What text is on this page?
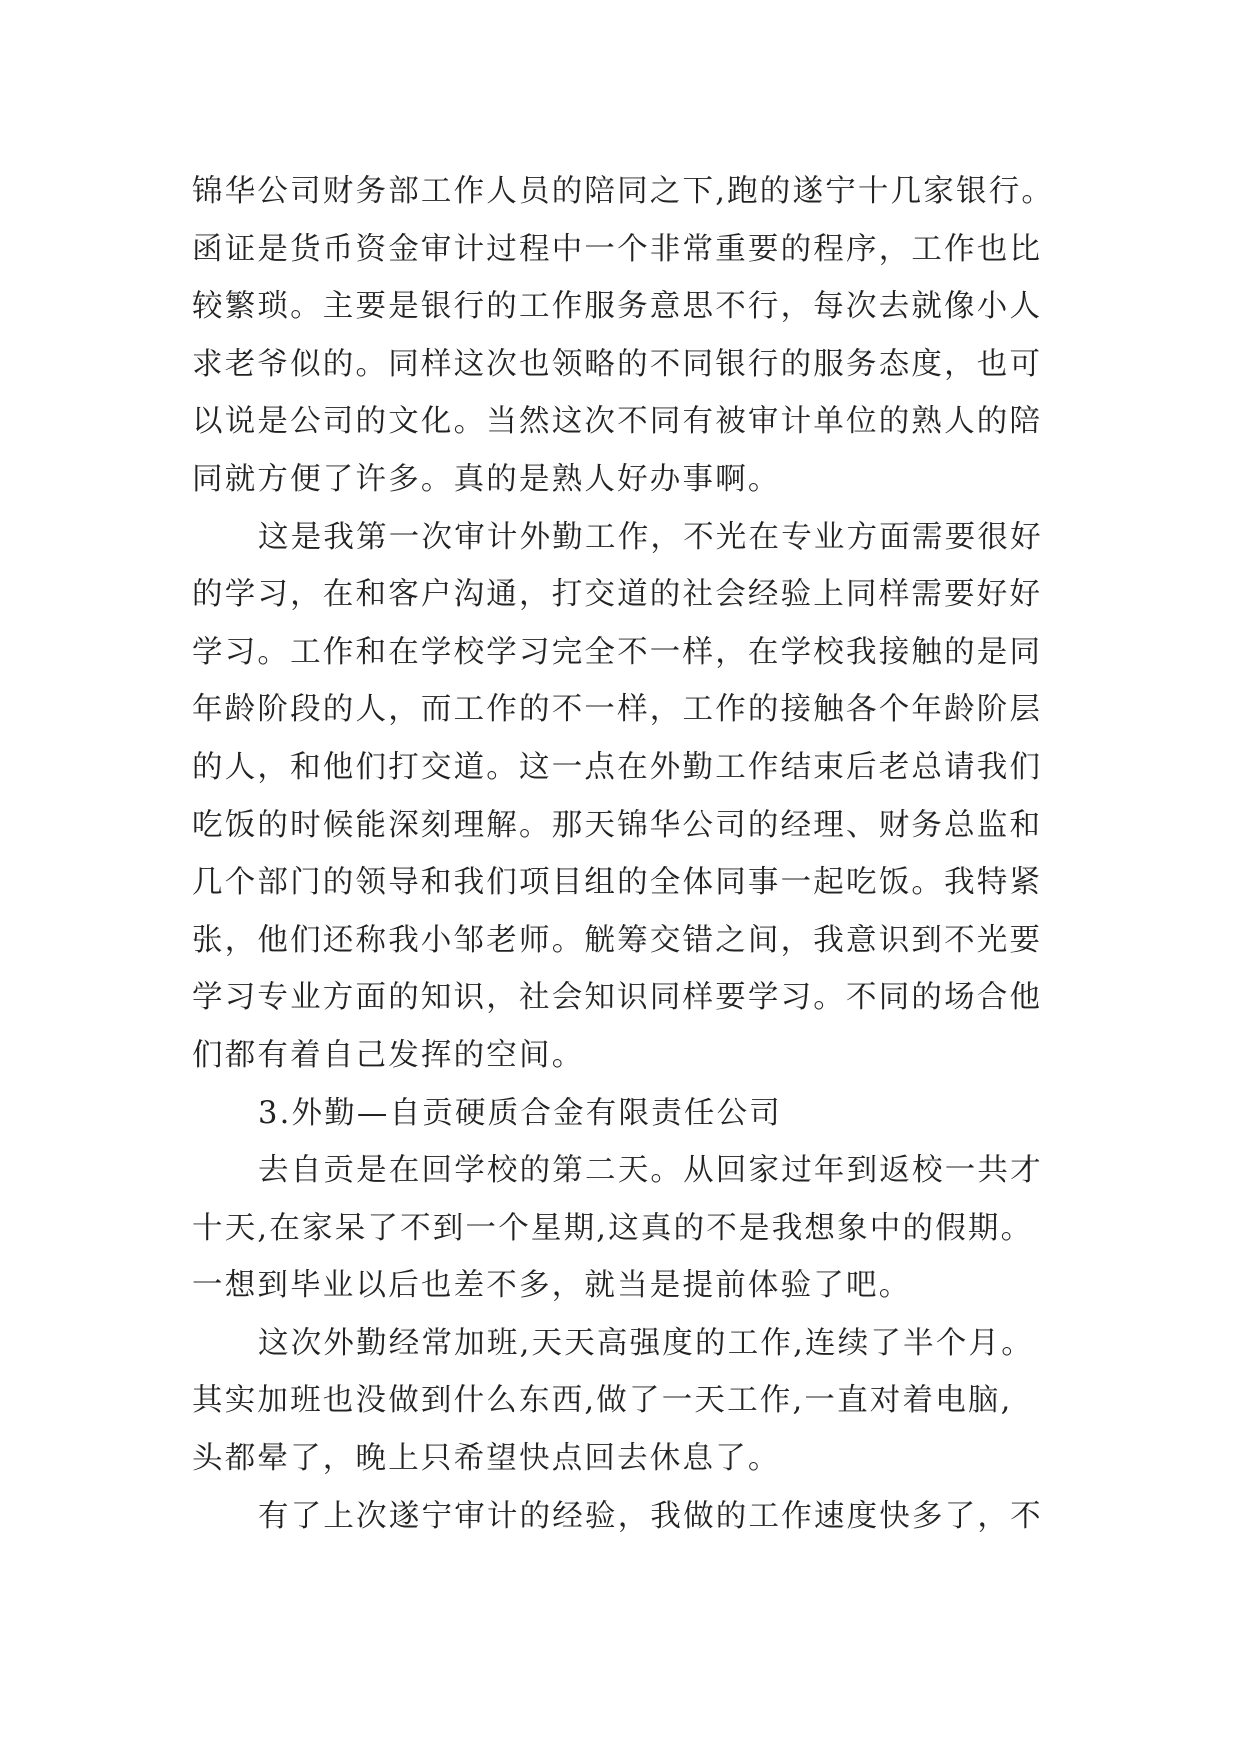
锦华公司财务部工作人员的陪同之下,跑的遂宁十几家银行。
函证是货币资金审计过程中一个非常重要的程序，工作也比
较繁琐。主要是银行的工作服务意思不行，每次去就像小人
求老爷似的。同样这次也领略的不同银行的服务态度，也可
以说是公司的文化。当然这次不同有被审计单位的熟人的陪
同就方便了许多。真的是熟人好办事啊。
这是我第一次审计外勤工作，不光在专业方面需要很好
的学习，在和客户沟通，打交道的社会经验上同样需要好好
学习。工作和在学校学习完全不一样，在学校我接触的是同
年龄阶段的人，而工作的不一样，工作的接触各个年龄阶层
的人，和他们打交道。这一点在外勤工作结束后老总请我们
吃饭的时候能深刻理解。那天锦华公司的经理、财务总监和
几个部门的领导和我们项目组的全体同事一起吃饭。我特紧
张，他们还称我小邹老师。觥筹交错之间，我意识到不光要
学习专业方面的知识，社会知识同样要学习。不同的场合他
们都有着自己发挥的空间。
3.外勤—自贡硬质合金有限责任公司
去自贡是在回学校的第二天。从回家过年到返校一共才
十天,在家呆了不到一个星期,这真的不是我想象中的假期。
一想到毕业以后也差不多，就当是提前体验了吧。
这次外勤经常加班,天天高强度的工作,连续了半个月。
其实加班也没做到什么东西,做了一天工作,一直对着电脑,
头都晕了，晚上只希望快点回去休息了。
有了上次遂宁审计的经验，我做的工作速度快多了，不
